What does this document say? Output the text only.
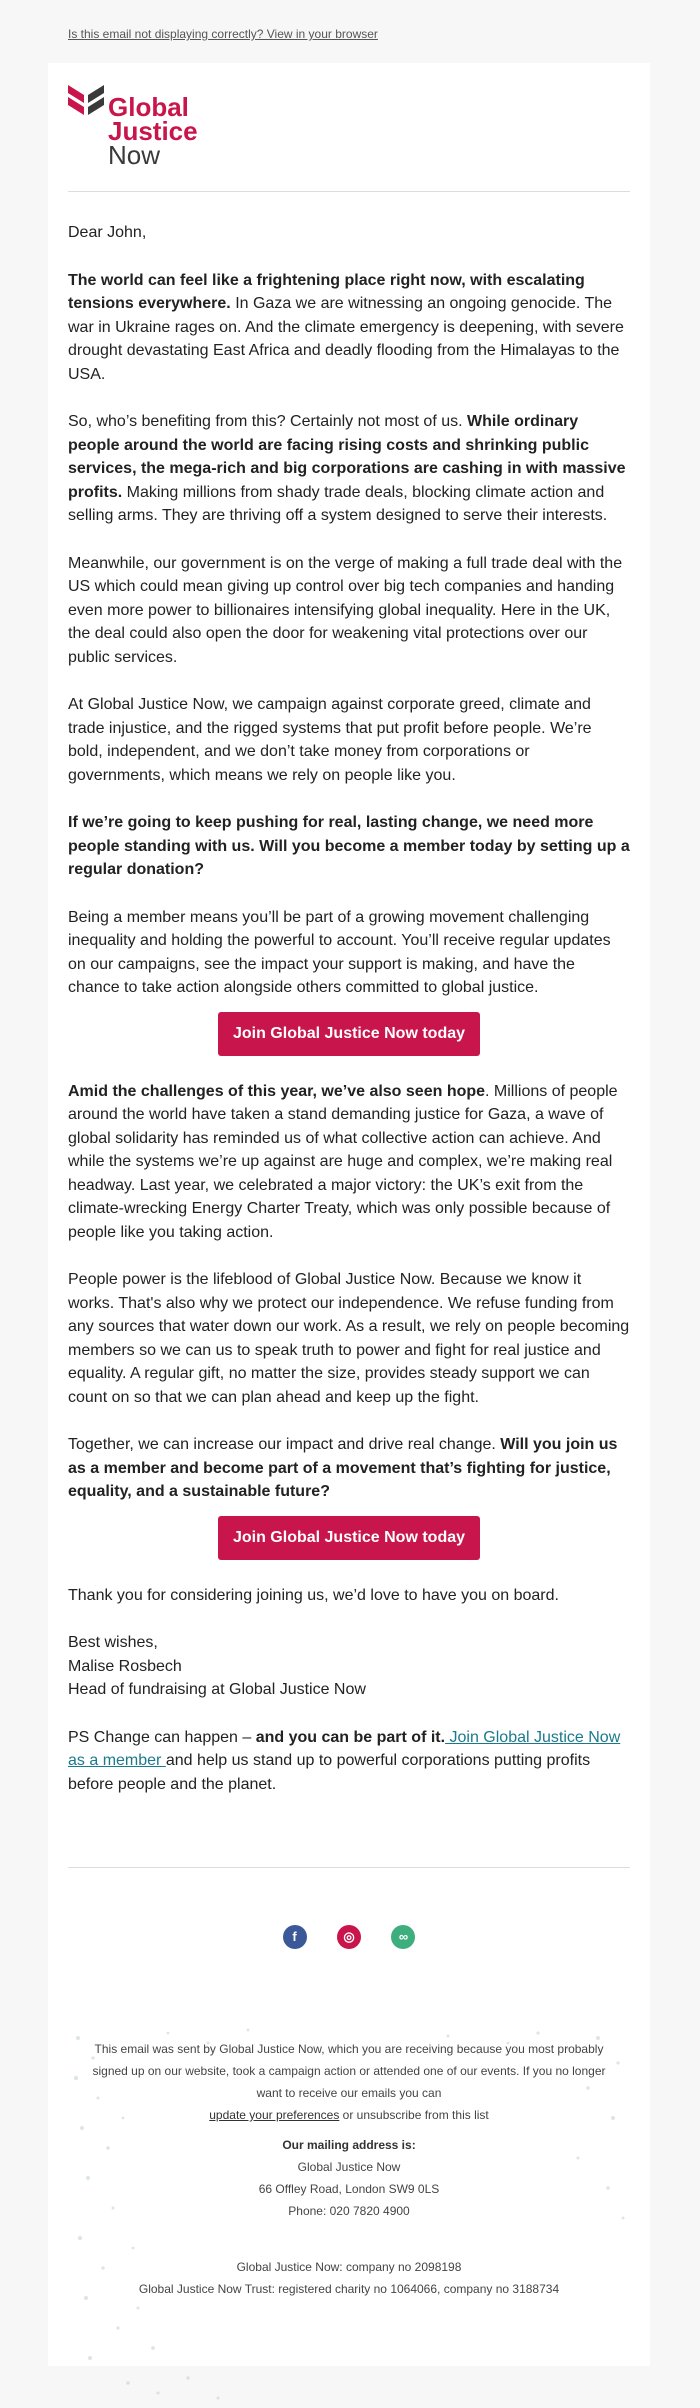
Is this email not displaying correctly? View in your browser
Global
Justice
Now

Dear John,

The world can feel like a frightening place right now, with escalating tensions everywhere. In Gaza we are witnessing an ongoing genocide. The war in Ukraine rages on. And the climate emergency is deepening, with severe drought devastating East Africa and deadly flooding from the Himalayas to the USA.

So, who’s benefiting from this? Certainly not most of us. While ordinary people around the world are facing rising costs and shrinking public services, the mega-rich and big corporations are cashing in with massive profits. Making millions from shady trade deals, blocking climate action and selling arms. They are thriving off a system designed to serve their interests.

Meanwhile, our government is on the verge of making a full trade deal with the US which could mean giving up control over big tech companies and handing even more power to billionaires intensifying global inequality. Here in the UK, the deal could also open the door for weakening vital protections over our public services.

At Global Justice Now, we campaign against corporate greed, climate and trade injustice, and the rigged systems that put profit before people. We’re bold, independent, and we don’t take money from corporations or governments, which means we rely on people like you.

If we’re going to keep pushing for real, lasting change, we need more people standing with us. Will you become a member today by setting up a regular donation?

Being a member means you’ll be part of a growing movement challenging inequality and holding the powerful to account. You’ll receive regular updates on our campaigns, see the impact your support is making, and have the chance to take action alongside others committed to global justice.

Join Global Justice Now today

Amid the challenges of this year, we’ve also seen hope. Millions of people around the world have taken a stand demanding justice for Gaza, a wave of global solidarity has reminded us of what collective action can achieve. And while the systems we’re up against are huge and complex, we’re making real headway. Last year, we celebrated a major victory: the UK’s exit from the climate-wrecking Energy Charter Treaty, which was only possible because of people like you taking action.

People power is the lifeblood of Global Justice Now. Because we know it works. That's also why we protect our independence. We refuse funding from any sources that water down our work. As a result, we rely on people becoming members so we can us to speak truth to power and fight for real justice and equality. A regular gift, no matter the size, provides steady support we can count on so that we can plan ahead and keep up the fight.

Together, we can increase our impact and drive real change. Will you join us as a member and become part of a movement that’s fighting for justice, equality, and a sustainable future?

Join Global Justice Now today

Thank you for considering joining us, we’d love to have you on board.

Best wishes,
Malise Rosbech
Head of fundraising at Global Justice Now

PS Change can happen – and you can be part of it. Join Global Justice Now as a member and help us stand up to powerful corporations putting profits before people and the planet.

f	◎	∞
This email was sent by Global Justice Now, which you are receiving because you most probably signed up on our website, took a campaign action or attended one of our events. If you no longer want to receive our emails you can
update your preferences or unsubscribe from this list
Our mailing address is:
Global Justice Now
66 Offley Road, London SW9 0LS
Phone: 020 7820 4900
Global Justice Now: company no 2098198
Global Justice Now Trust: registered charity no 1064066, company no 3188734
